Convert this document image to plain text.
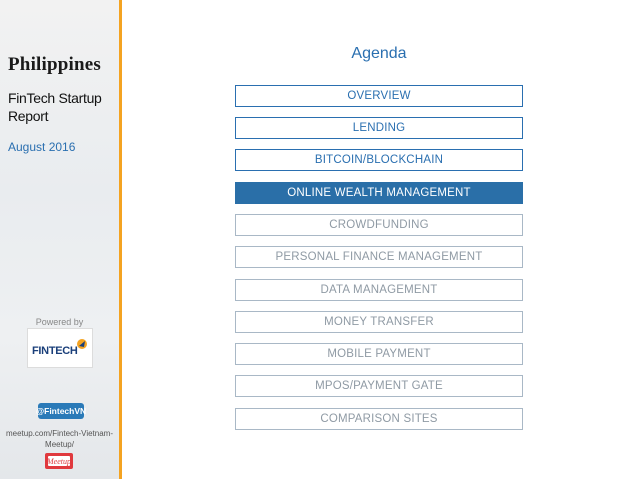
Philippines

FinTech Startup Report

August 2016

Powered by
FINTECH
@FintechVN
meetup.com/Fintech-Vietnam-Meetup/
Meetup
Agenda
OVERVIEW
LENDING
BITCOIN/BLOCKCHAIN
ONLINE WEALTH MANAGEMENT
CROWDFUNDING
PERSONAL FINANCE MANAGEMENT
DATA MANAGEMENT
MONEY TRANSFER
MOBILE PAYMENT
MPOS/PAYMENT GATE
COMPARISON SITES
